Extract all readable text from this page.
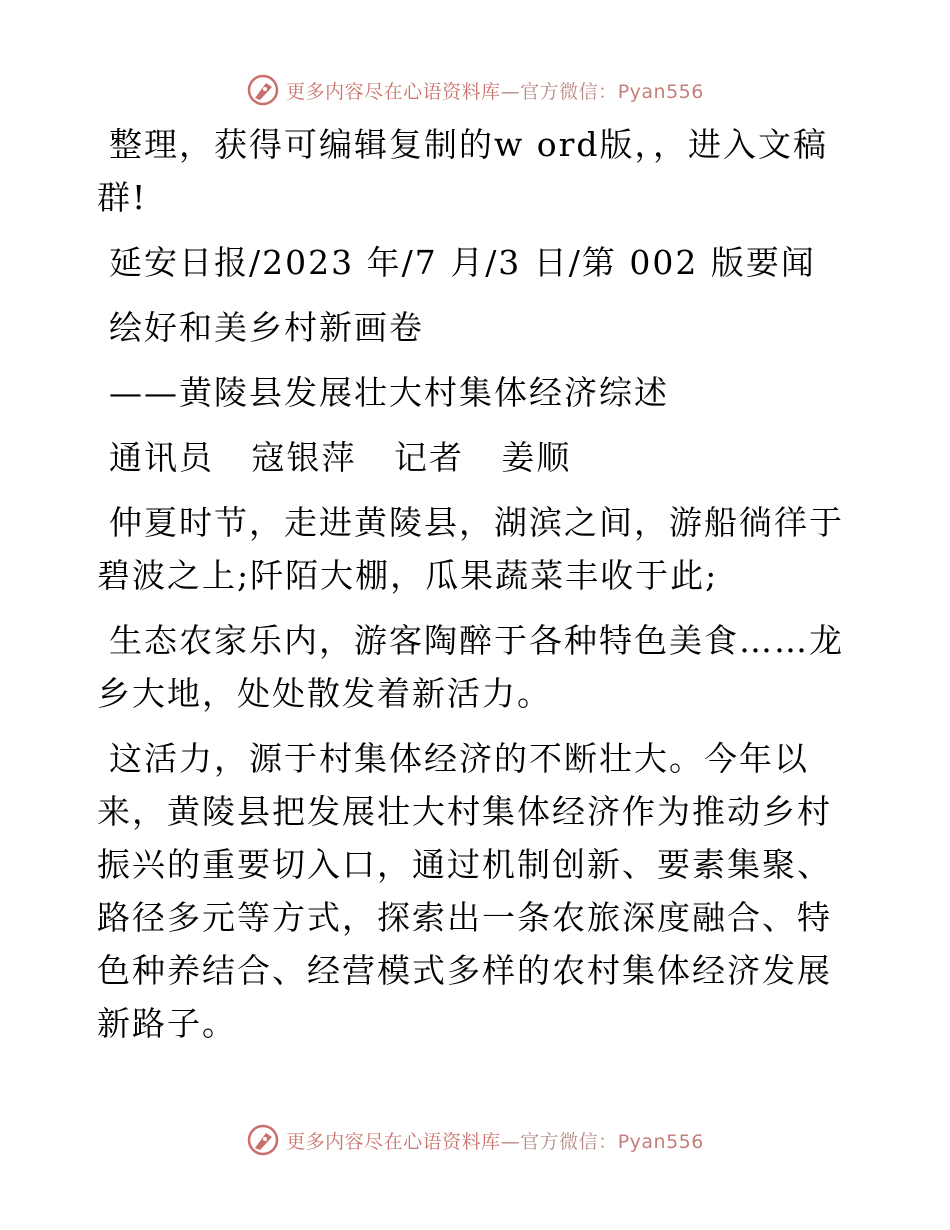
更多内容尽在心语资料库—官方微信：Pyan556

整理，获得可编辑复制的w ord版，，进入文稿群!

延安日报/2023 年/7 月/3 日/第 002 版要闻

绘好和美乡村新画卷

——黄陵县发展壮大村集体经济综述

通讯员   寇银萍   记者   姜顺

仲夏时节，走进黄陵县，湖滨之间，游船徜徉于碧波之上;阡陌大棚，瓜果蔬菜丰收于此;

生态农家乐内，游客陶醉于各种特色美食……龙乡大地，处处散发着新活力。

这活力，源于村集体经济的不断壮大。今年以来，黄陵县把发展壮大村集体经济作为推动乡村振兴的重要切入口，通过机制创新、要素集聚、路径多元等方式，探索出一条农旅深度融合、特色种养结合、经营模式多样的农村集体经济发展新路子。

更多内容尽在心语资料库—官方微信：Pyan556
